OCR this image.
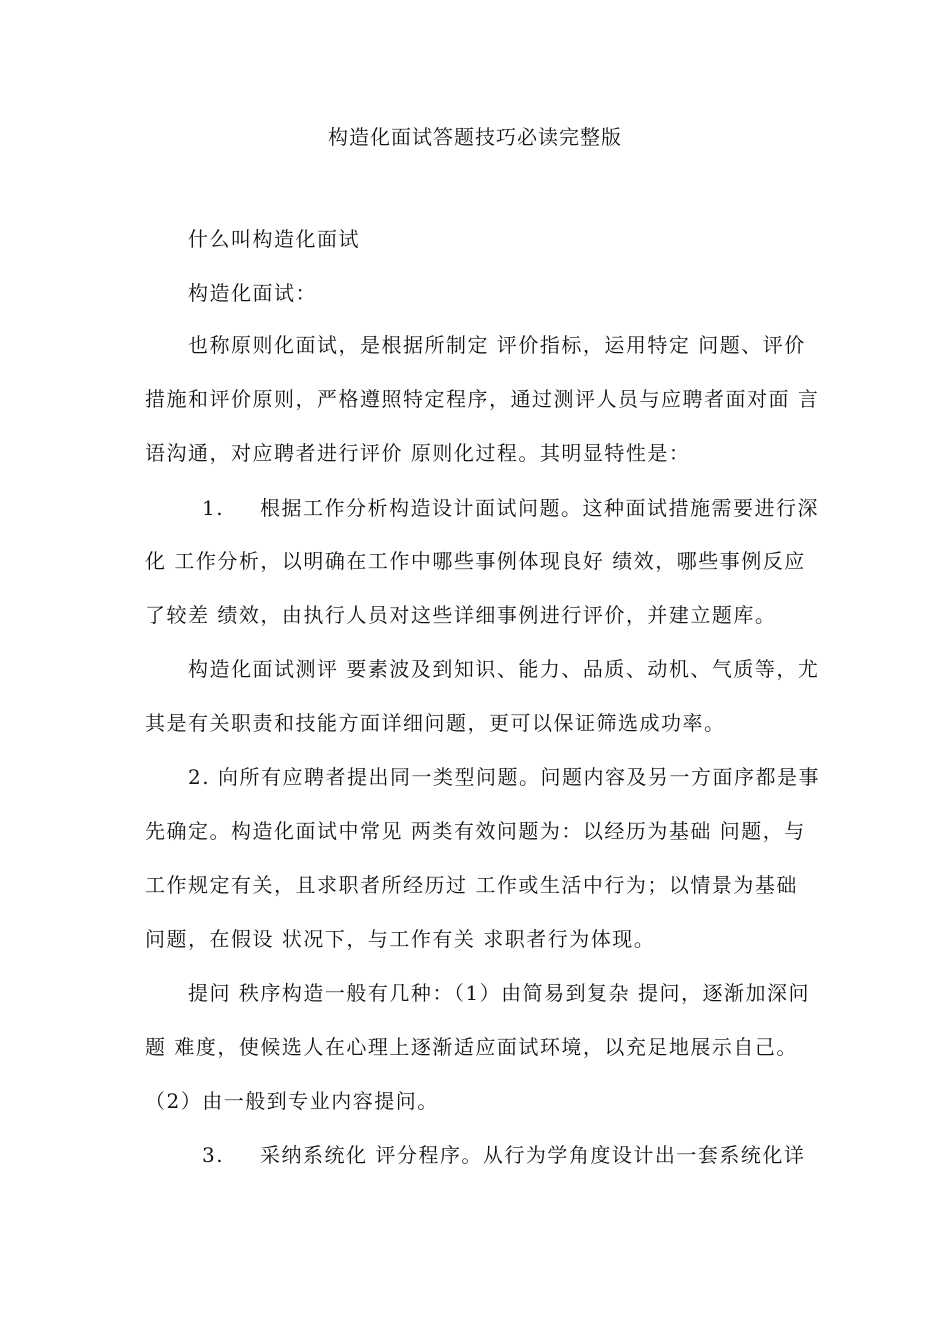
构造化面试答题技巧必读完整版
什么叫构造化面试
构造化面试：
也称原则化面试，是根据所制定 评价指标，运用特定 问题、评价
措施和评价原则，严格遵照特定程序，通过测评人员与应聘者面对面 言
语沟通，对应聘者进行评价 原则化过程。其明显特性是：
1. 根据工作分析构造设计面试问题。这种面试措施需要进行深
化 工作分析，以明确在工作中哪些事例体现良好 绩效，哪些事例反应
了较差 绩效，由执行人员对这些详细事例进行评价，并建立题库。
构造化面试测评 要素波及到知识、能力、品质、动机、气质等，尤
其是有关职责和技能方面详细问题，更可以保证筛选成功率。
2. 向所有应聘者提出同一类型问题。问题内容及另一方面序都是事
先确定。构造化面试中常见 两类有效问题为：以经历为基础 问题，与
工作规定有关，且求职者所经历过 工作或生活中行为；以情景为基础
问题，在假设 状况下，与工作有关 求职者行为体现。
提问 秩序构造一般有几种：（1）由简易到复杂 提问，逐渐加深问
题 难度，使候选人在心理上逐渐适应面试环境，以充足地展示自己。
（2）由一般到专业内容提问。
3. 采纳系统化 评分程序。从行为学角度设计出一套系统化详
